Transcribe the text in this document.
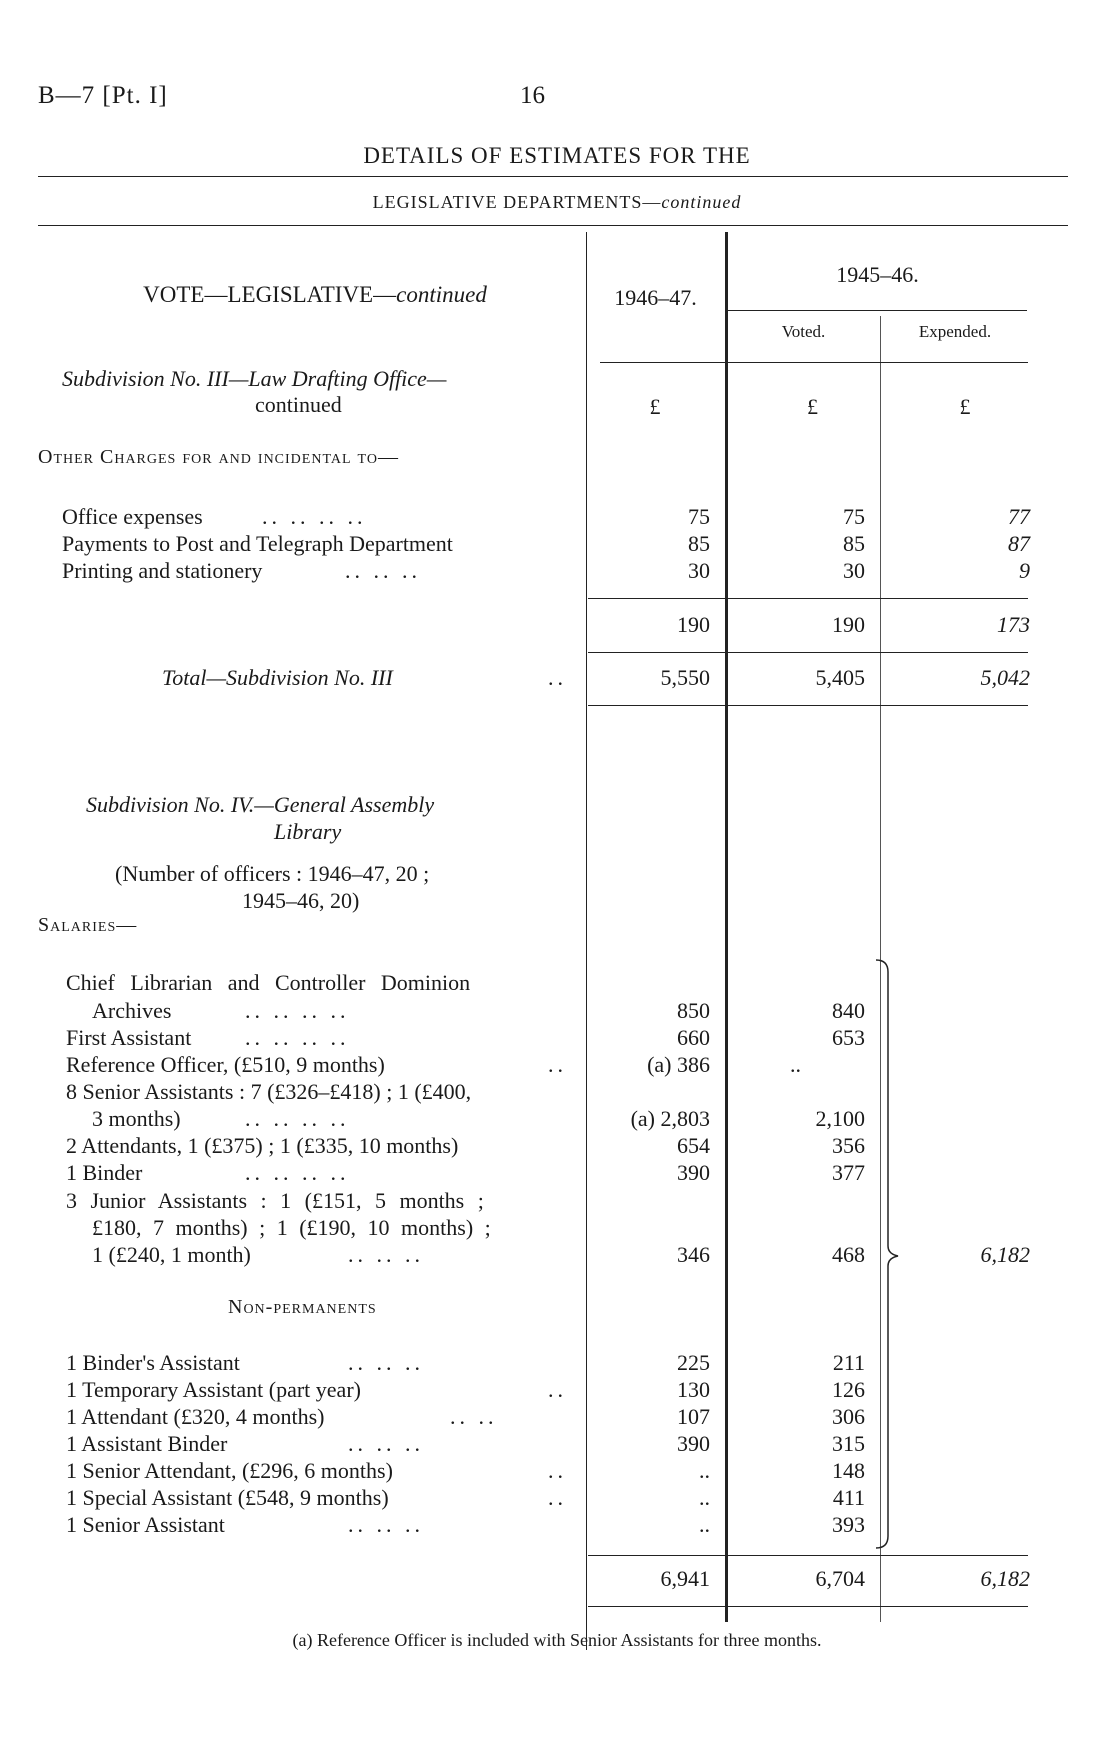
B—7 [Pt. I]	16
DETAILS OF ESTIMATES FOR THE
LEGISLATIVE DEPARTMENTS—continued
VOTE—LEGISLATIVE—continued	1946–47.
1945–46.
Voted.	Expended.
Subdivision No. III—Law Drafting Office—
continued	£	£	£
Other Charges for and incidental to—
Office expenses	.. .. .. ..	75	75	77
Payments to Post and Telegraph Department	85	85	87
Printing and stationery	.. .. ..	30	30	9
190	190	173
Total—Subdivision No. III	..	5,550	5,405	5,042
Subdivision No. IV.—General Assembly
Library
(Number of officers : 1946–47, 20 ;
1945–46, 20)
Salaries—
Chief Librarian and Controller Dominion
Archives	.. .. .. ..	850	840
First Assistant .. .. .. ..	660	653
Reference Officer, (£510, 9 months)	..	(a) 386	..
8 Senior Assistants : 7 (£326–£418) ; 1 (£400,
3 months)	.. .. .. ..	(a) 2,803	2,100
2 Attendants, 1 (£375) ; 1 (£335, 10 months)	654	356
1 Binder	.. .. .. ..	390	377
3 Junior Assistants : 1 (£151, 5 months ;
£180, 7 months) ; 1 (£190, 10 months) ;
1 (£240, 1 month)	.. .. ..	346	468
Non-permanents
1 Binder's Assistant	.. .. ..	225	211
1 Temporary Assistant (part year)	..	130	126
1 Attendant (£320, 4 months)	.. ..	107	306
1 Assistant Binder	.. .. ..	390	315
1 Senior Attendant, (£296, 6 months)	..	..	148
1 Special Assistant (£548, 9 months)	..	..	411
1 Senior Assistant	.. .. ..	..	393
6,182
6,941	6,704	6,182
(a) Reference Officer is included with Senior Assistants for three months.
